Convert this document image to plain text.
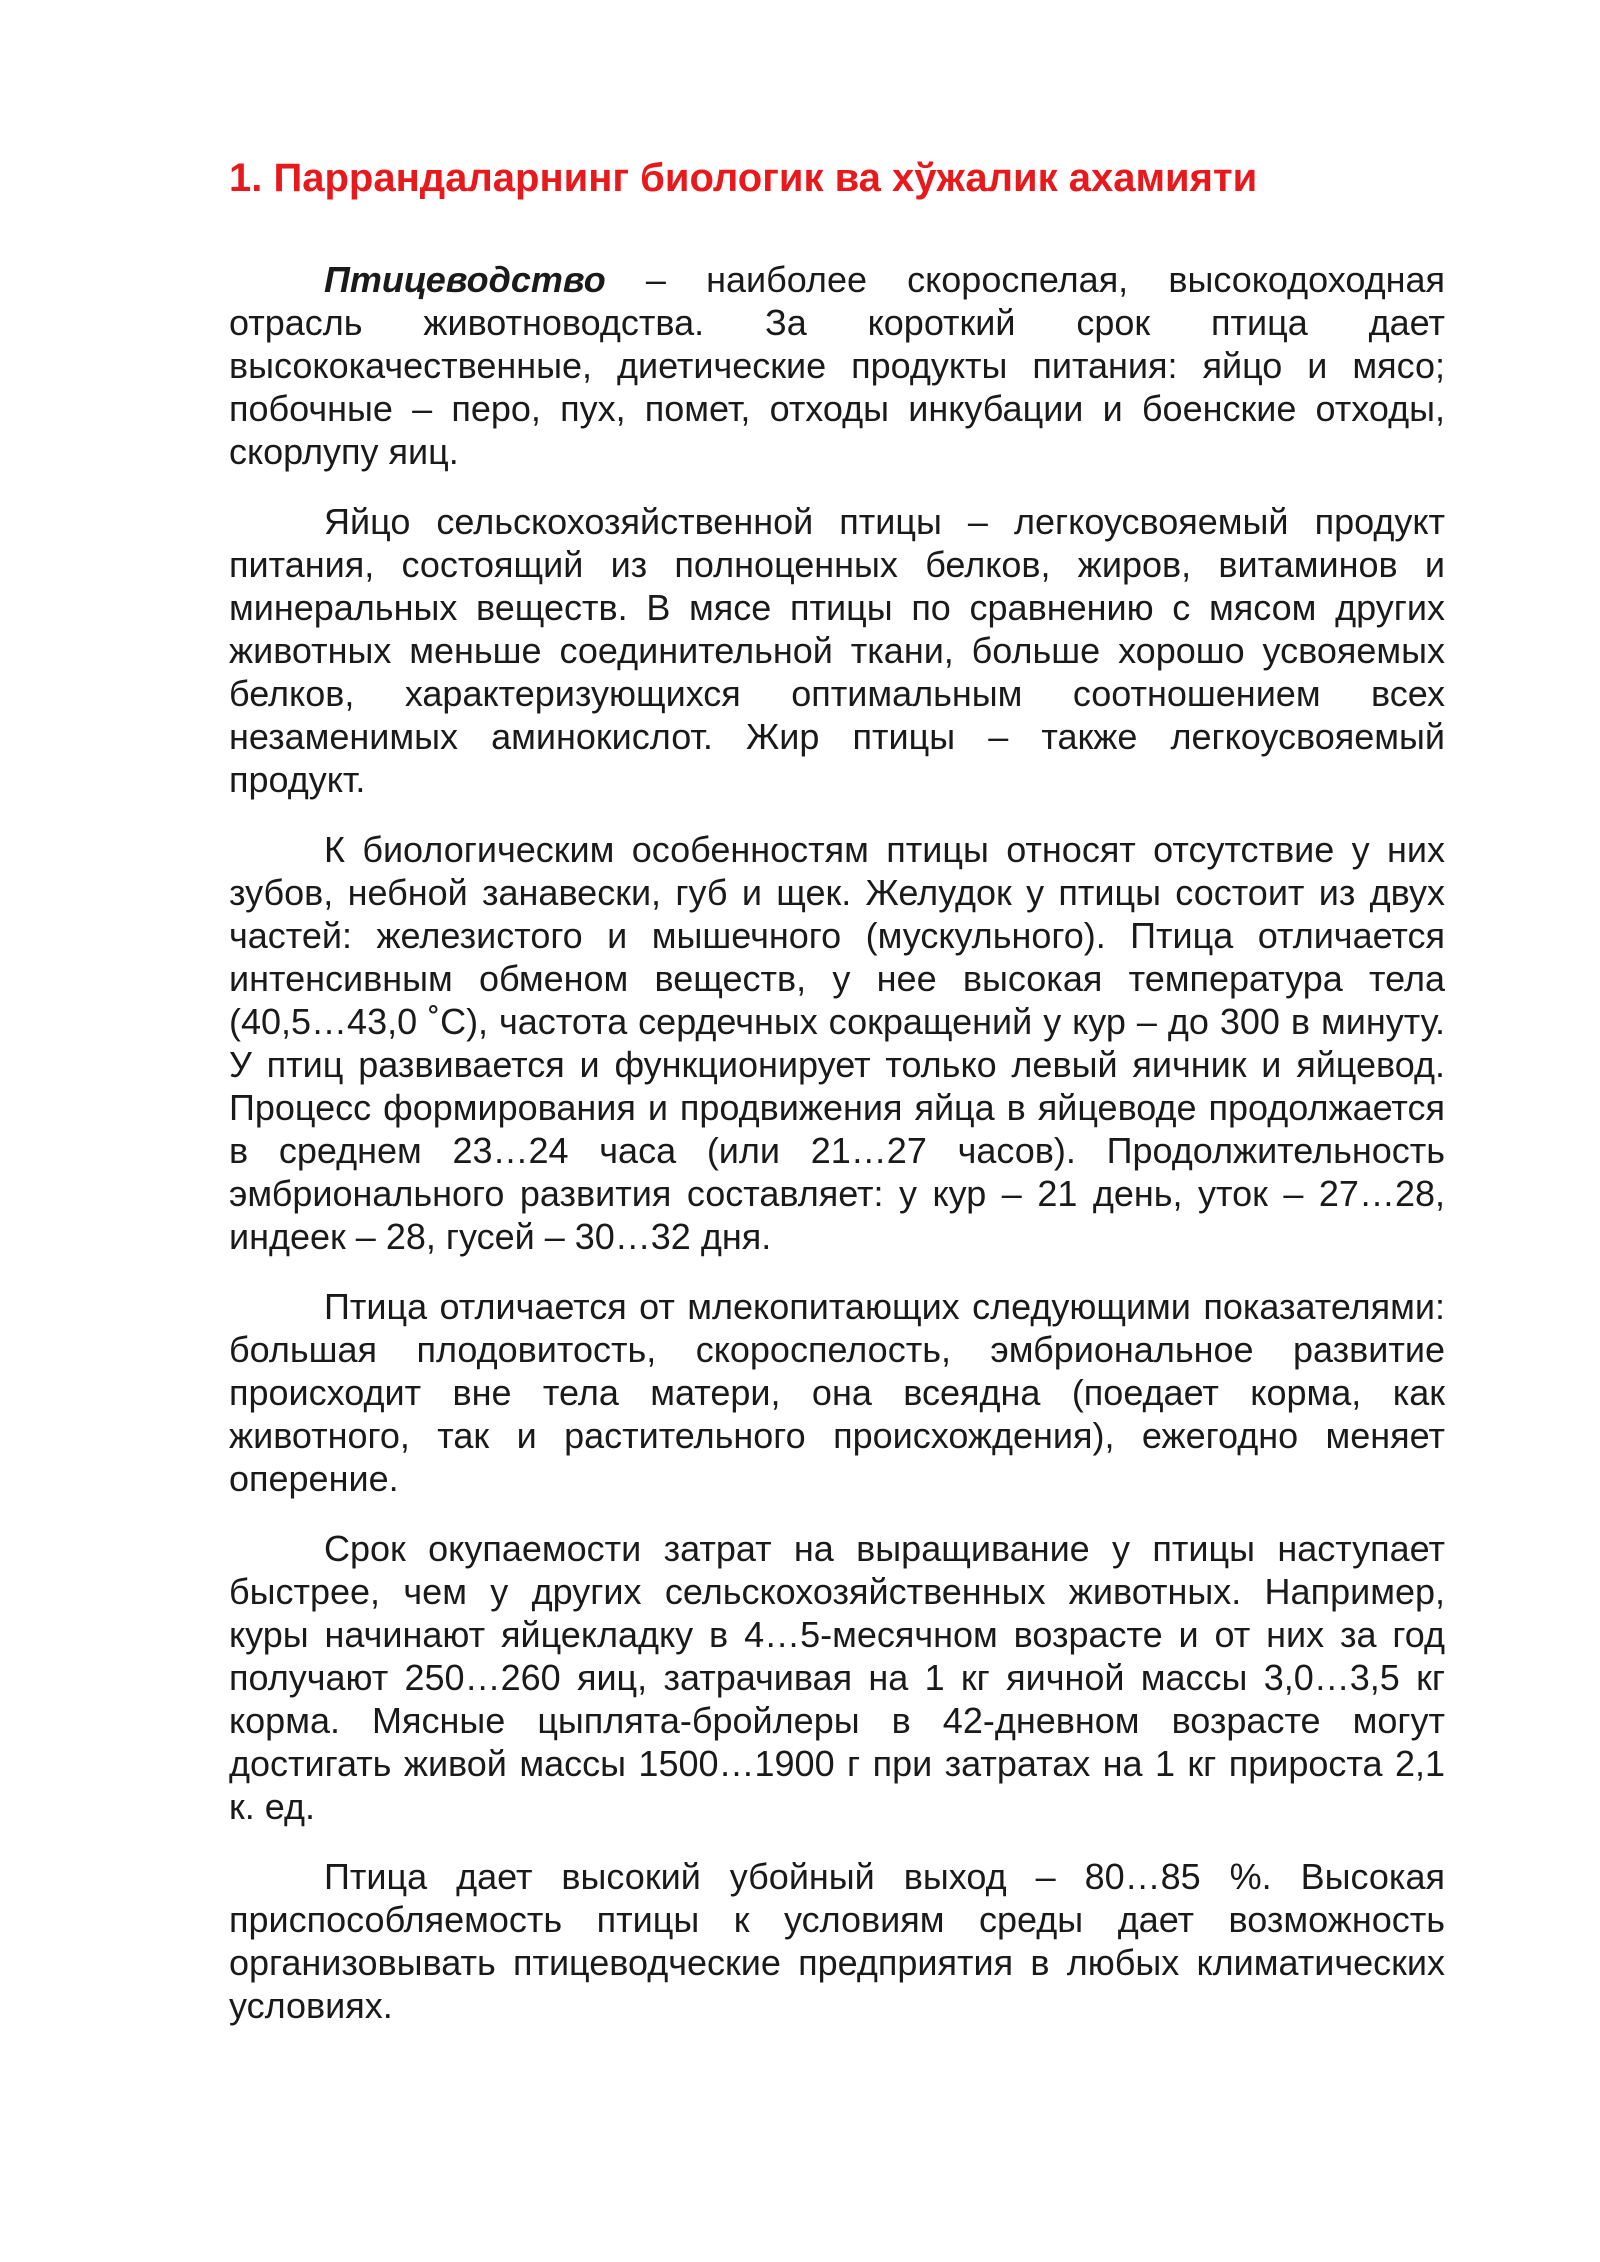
1. Паррандаларнинг биологик ва хўжалик ахамияти

Птицеводство – наиболее скороспелая, высокодоходная отрасль животноводства. За короткий срок птица дает высококачественные, диетические продукты питания: яйцо и мясо; побочные – перо, пух, помет, отходы инкубации и боенские отходы, скорлупу яиц.

Яйцо сельскохозяйственной птицы – легкоусвояемый продукт питания, состоящий из полноценных белков, жиров, витаминов и минеральных веществ. В мясе птицы по сравнению с мясом других животных меньше соединительной ткани, больше хорошо усвояемых белков, характеризующихся оптимальным соотношением всех незаменимых аминокислот. Жир птицы – также легкоусвояемый продукт.

К биологическим особенностям птицы относят отсутствие у них зубов, небной занавески, губ и щек. Желудок у птицы состоит из двух частей: железистого и мышечного (мускульного). Птица отличается интенсивным обменом веществ, у нее высокая температура тела (40,5…43,0 ˚С), частота сердечных сокращений у кур – до 300 в минуту. У птиц развивается и функционирует только левый яичник и яйцевод. Процесс формирования и продвижения яйца в яйцеводе продолжается в среднем 23…24 часа (или 21…27 часов). Продолжительность эмбрионального развития составляет: у кур – 21 день, уток – 27…28, индеек – 28, гусей – 30…32 дня.

Птица отличается от млекопитающих следующими показателями: большая плодовитость, скороспелость, эмбриональное развитие происходит вне тела матери, она всеядна (поедает корма, как животного, так и растительного происхождения), ежегодно меняет оперение.

Срок окупаемости затрат на выращивание у птицы наступает быстрее, чем у других сельскохозяйственных животных. Например, куры начинают яйцекладку в 4…5-месячном возрасте и от них за год получают 250…260 яиц, затрачивая на 1 кг яичной массы 3,0…3,5 кг корма. Мясные цыплята-бройлеры в 42-дневном возрасте могут достигать живой массы 1500…1900 г при затратах на 1 кг прироста 2,1 к. ед.

Птица дает высокий убойный выход – 80…85 %. Высокая приспособляемость птицы к условиям среды дает возможность организовывать птицеводческие предприятия в любых климатических условиях.
